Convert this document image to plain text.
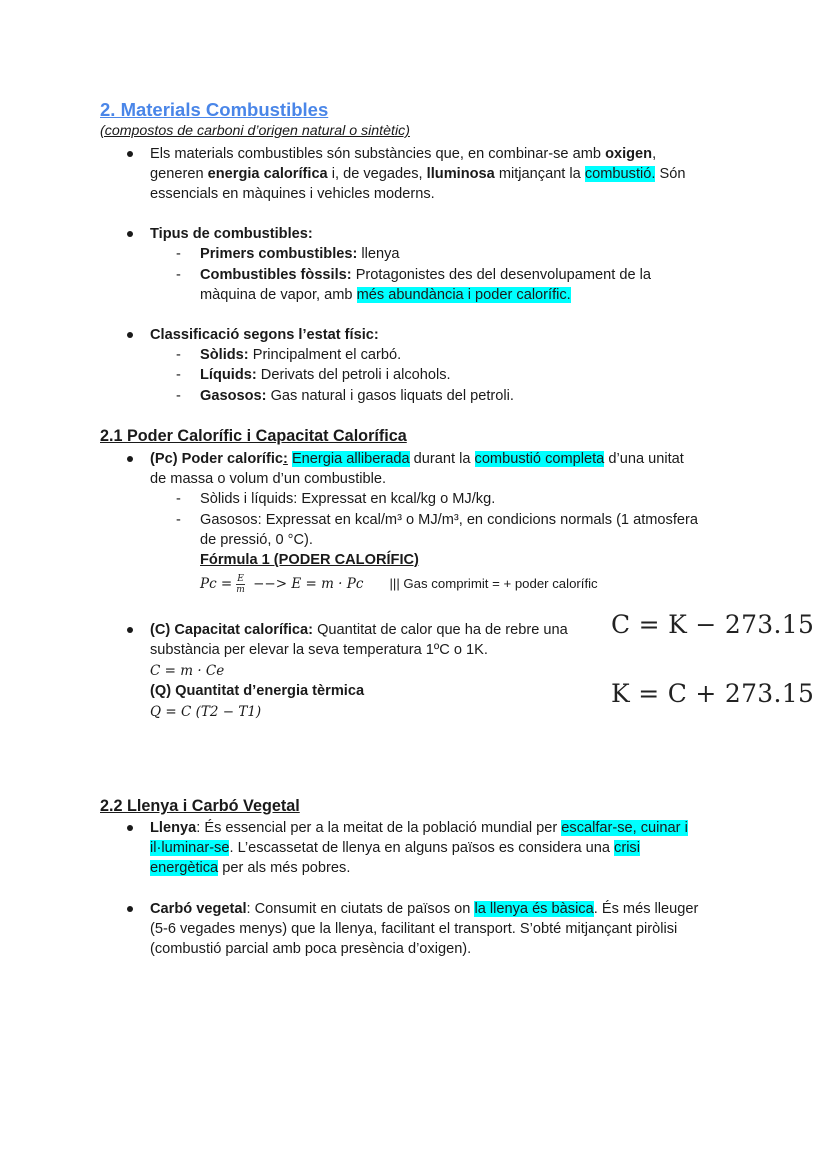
2. Materials Combustibles
(compostos de carboni d’origen natural o sintètic)
Els materials combustibles són substàncies que, en combinar-se amb oxigen,
generen energia calorífica i, de vegades, lluminosa mitjançant la combustió. Són
essencials en màquines i vehicles moderns.
Tipus de combustibles:
- Primers combustibles: llenya
- Combustibles fòssils: Protagonistes des del desenvolupament de la
màquina de vapor, amb més abundància i poder calorífic.
Classificació segons l’estat físic:
- Sòlids: Principalment el carbó.
- Líquids: Derivats del petroli i alcohols.
- Gasosos: Gas natural i gasos liquats del petroli.
2.1 Poder Calorífic i Capacitat Calorífica
(Pc) Poder calorífic: Energia alliberada durant la combustió completa d’una unitat
de massa o volum d’un combustible.
- Sòlids i líquids: Expressat en kcal/kg o MJ/kg.
- Gasosos: Expressat en kcal/m³ o MJ/m³, en condicions normals (1 atmosfera
de pressió, 0 °C).
Fórmula 1 (PODER CALORÍFIC)
$Pc = \frac{E}{m}$ −−> E = m · Pc ||| Gas comprimit = + poder calorífic
(C) Capacitat calorífica: Quantitat de calor que ha de rebre una
substància per elevar la seva temperatura 1ºC o 1K.
C = m · Ce
(Q) Quantitat d’energia tèrmica
Q = C (T2 − T1)
C = K − 273.15
K = C + 273.15
2.2 Llenya i Carbó Vegetal
Llenya: És essencial per a la meitat de la població mundial per escalfar-se, cuinar i
il·luminar-se. L’escassetat de llenya en alguns països es considera una crisi
energètica per als més pobres.
Carbó vegetal: Consumit en ciutats de països on la llenya és bàsica. És més lleuger
(5-6 vegades menys) que la llenya, facilitant el transport. S’obté mitjançant piròlisi
(combustió parcial amb poca presència d’oxigen).
